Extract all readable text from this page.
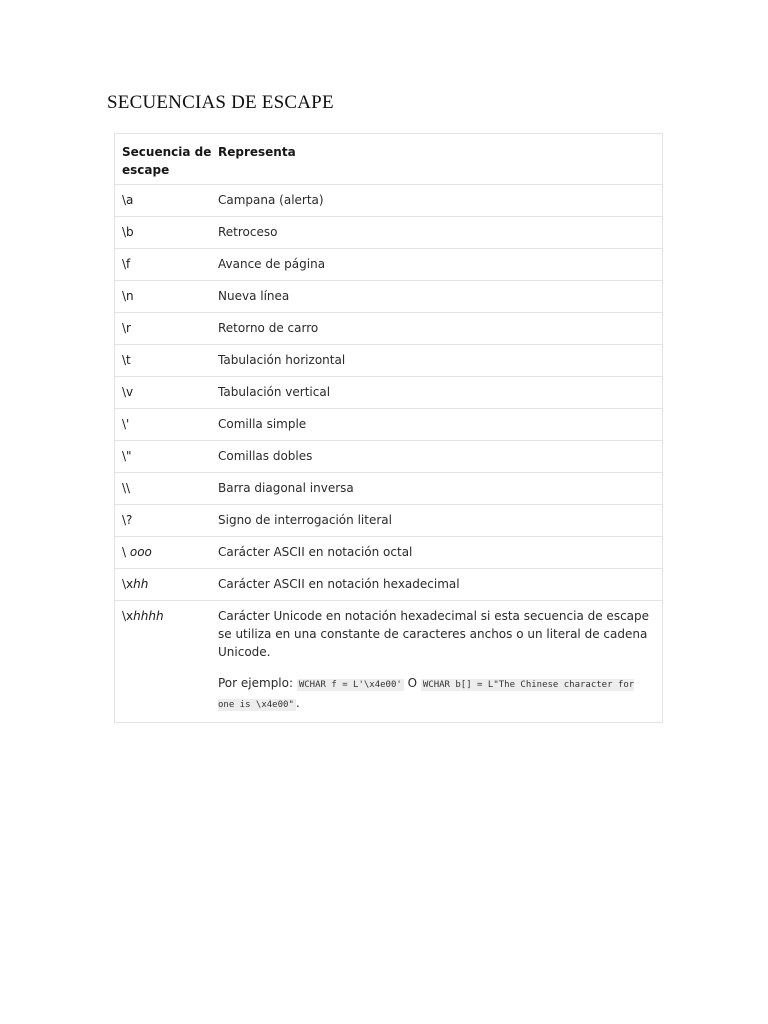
SECUENCIAS DE ESCAPE
Secuencia de escape	Representa
\a	Campana (alerta)
\b	Retroceso
\f	Avance de página
\n	Nueva línea
\r	Retorno de carro
\t	Tabulación horizontal
\v	Tabulación vertical
\'	Comilla simple
\"	Comillas dobles
\\	Barra diagonal inversa
\?	Signo de interrogación literal
\ ooo	Carácter ASCII en notación octal
\xhh	Carácter ASCII en notación hexadecimal
\xhhhh	Carácter Unicode en notación hexadecimal si esta secuencia de escape se utiliza en una constante de caracteres anchos o un literal de cadena Unicode.
Por ejemplo: WCHAR f = L'\x4e00' O WCHAR b[] = L"The Chinese character for one is \x4e00" .
